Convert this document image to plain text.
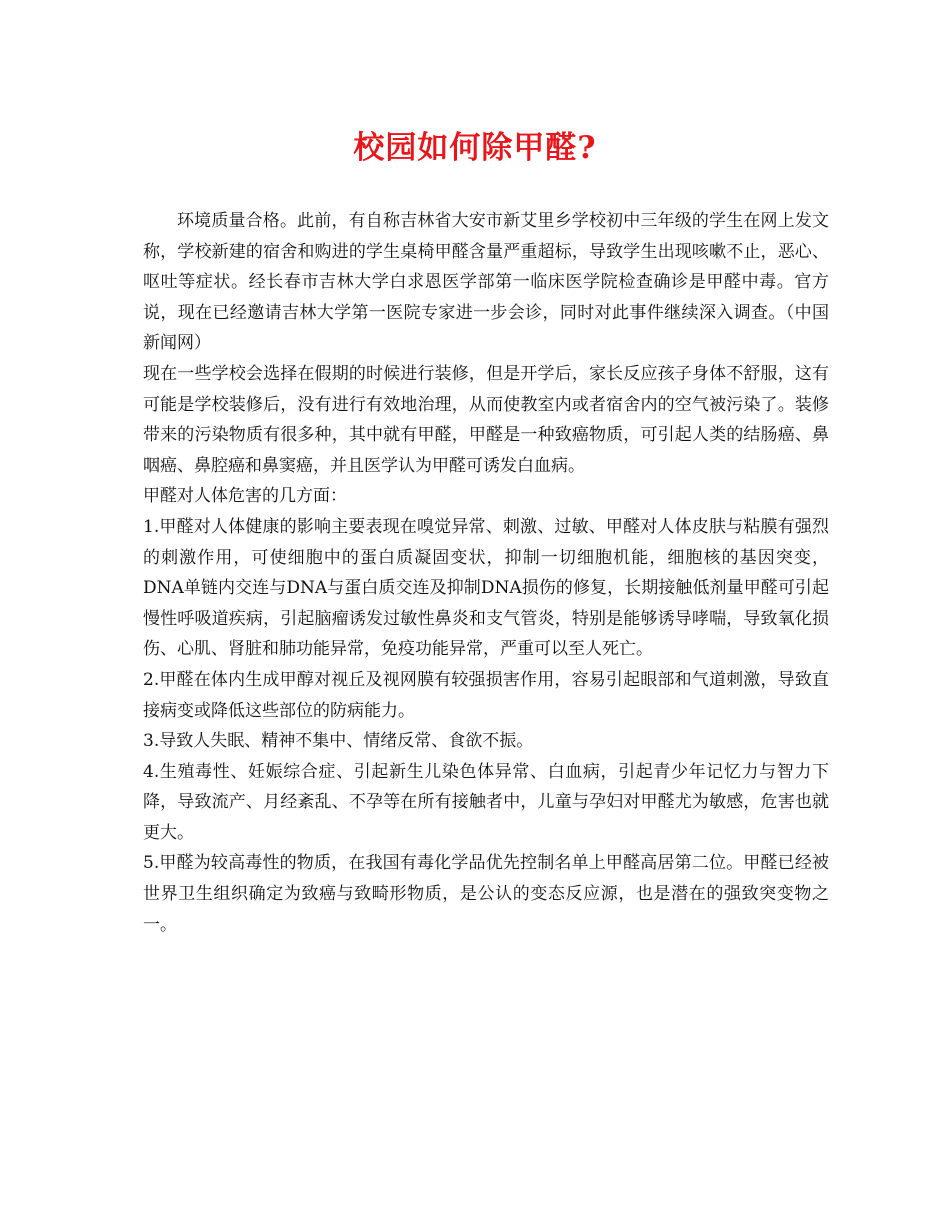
校园如何除甲醛?

环境质量合格。此前，有自称吉林省大安市新艾里乡学校初中三年级的学生在网上发文称，学校新建的宿舍和购进的学生桌椅甲醛含量严重超标，导致学生出现咳嗽不止，恶心、呕吐等症状。经长春市吉林大学白求恩医学部第一临床医学院检查确诊是甲醛中毒。官方说，现在已经邀请吉林大学第一医院专家进一步会诊，同时对此事件继续深入调查。（中国新闻网）

现在一些学校会选择在假期的时候进行装修，但是开学后，家长反应孩子身体不舒服，这有可能是学校装修后，没有进行有效地治理，从而使教室内或者宿舍内的空气被污染了。装修带来的污染物质有很多种，其中就有甲醛，甲醛是一种致癌物质，可引起人类的结肠癌、鼻咽癌、鼻腔癌和鼻窦癌，并且医学认为甲醛可诱发白血病。

甲醛对人体危害的几方面：

1.甲醛对人体健康的影响主要表现在嗅觉异常、刺激、过敏、甲醛对人体皮肤与粘膜有强烈的刺激作用，可使细胞中的蛋白质凝固变状，抑制一切细胞机能，细胞核的基因突变，DNA单链内交连与DNA与蛋白质交连及抑制DNA损伤的修复，长期接触低剂量甲醛可引起慢性呼吸道疾病，引起脑瘤诱发过敏性鼻炎和支气管炎，特别是能够诱导哮喘，导致氧化损伤、心肌、肾脏和肺功能异常，免疫功能异常，严重可以至人死亡。

2.甲醛在体内生成甲醇对视丘及视网膜有较强损害作用，容易引起眼部和气道刺激，导致直接病变或降低这些部位的防病能力。

3.导致人失眠、精神不集中、情绪反常、食欲不振。

4.生殖毒性、妊娠综合症、引起新生儿染色体异常、白血病，引起青少年记忆力与智力下降，导致流产、月经紊乱、不孕等在所有接触者中，儿童与孕妇对甲醛尤为敏感，危害也就更大。

5.甲醛为较高毒性的物质，在我国有毒化学品优先控制名单上甲醛高居第二位。甲醛已经被世界卫生组织确定为致癌与致畸形物质，是公认的变态反应源，也是潜在的强致突变物之一。
